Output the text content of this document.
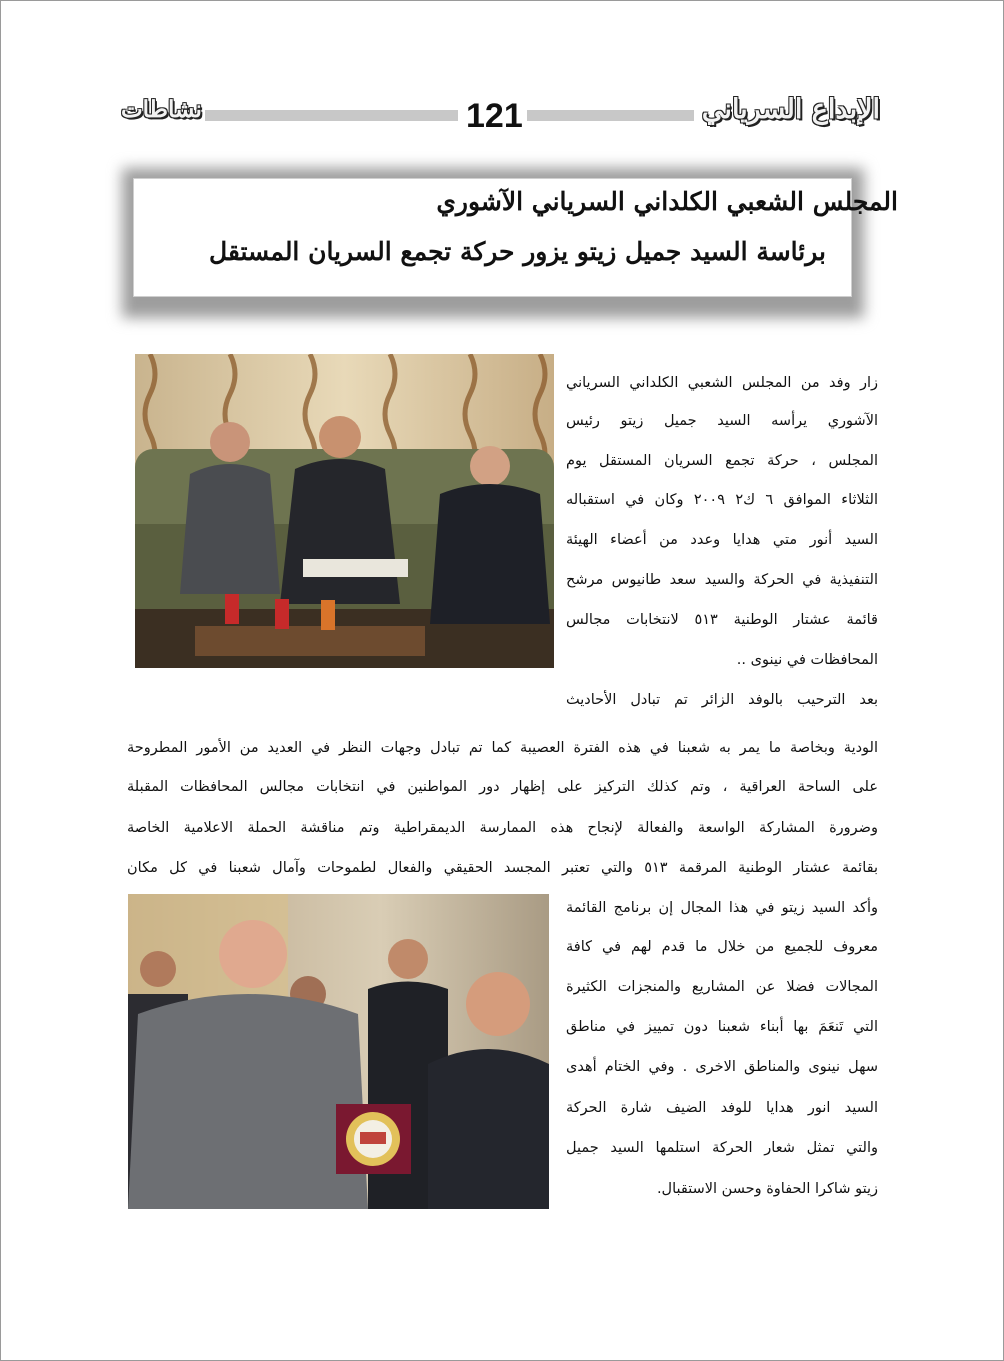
نشاطات	121	الإبداع السرياني
المجلس الشعبي الكلداني السرياني الآشوري
برئاسة السيد جميل زيتو يزور حركة تجمع السريان المستقل
زار وفد من المجلس الشعبي الكلداني السرياني
الآشوري يرأسه السيد جميل زيتو رئيس
المجلس ، حركة تجمع السريان المستقل يوم
الثلاثاء الموافق ٦ ك٢ ٢٠٠٩ وكان في استقباله
السيد أنور متي هدايا وعدد من أعضاء الهيئة
التنفيذية في الحركة والسيد سعد طانيوس مرشح
قائمة عشتار الوطنية ٥١٣ لانتخابات مجالس
المحافظات في نينوى ..
بعد الترحيب بالوفد الزائر تم تبادل الأحاديث
الودية وبخاصة ما يمر به شعبنا في هذه الفترة العصيبة كما تم تبادل وجهات النظر في العديد من الأمور المطروحة
على الساحة العراقية ، وتم كذلك التركيز على إظهار دور المواطنين في انتخابات مجالس المحافظات المقبلة
وضرورة المشاركة الواسعة والفعالة لإنجاح هذه الممارسة الديمقراطية وتم مناقشة الحملة الاعلامية الخاصة
بقائمة عشتار الوطنية المرقمة ٥١٣ والتي تعتبر المجسد الحقيقي والفعال لطموحات وآمال شعبنا في كل مكان
وأكد السيد زيتو في هذا المجال إن برنامج القائمة
معروف للجميع من خلال ما قدم لهم في كافة
المجالات فضلا عن المشاريع والمنجزات الكثيرة
التي تَنعَمَ بها أبناء شعبنا دون تمييز في مناطق
سهل نينوى والمناطق الاخرى . وفي الختام أهدى
السيد انور هدايا للوفد الضيف شارة الحركة
والتي تمثل شعار الحركة استلمها السيد جميل
زيتو شاكرا الحفاوة وحسن الاستقبال.
